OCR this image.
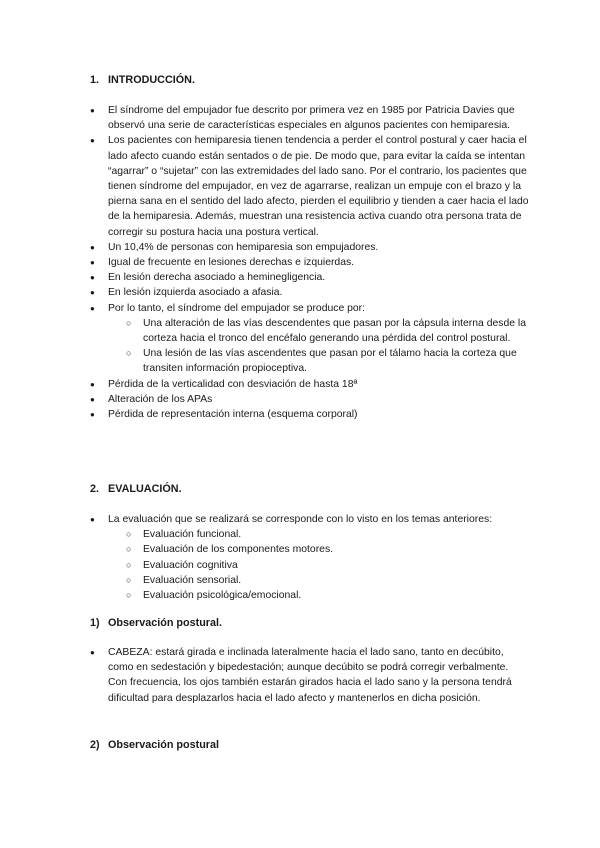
1. INTRODUCCIÓN.
● El síndrome del empujador fue descrito por primera vez en 1985 por Patricia Davies que observó una serie de características especiales en algunos pacientes con hemiparesia.
● Los pacientes con hemiparesia tienen tendencia a perder el control postural y caer hacia el lado afecto cuando están sentados o de pie. De modo que, para evitar la caída se intentan “agarrar” o “sujetar” con las extremidades del lado sano. Por el contrario, los pacientes que tienen síndrome del empujador, en vez de agarrarse, realizan un empuje con el brazo y la pierna sana en el sentido del lado afecto, pierden el equilibrio y tienden a caer hacia el lado de la hemiparesia. Además, muestran una resistencia activa cuando otra persona trata de corregir su postura hacia una postura vertical.
● Un 10,4% de personas con hemiparesia son empujadores.
● Igual de frecuente en lesiones derechas e izquierdas.
● En lesión derecha asociado a heminegligencia.
● En lesión izquierda asociado a afasia.
● Por lo tanto, el síndrome del empujador se produce por:
○ Una alteración de las vías descendentes que pasan por la cápsula interna desde la corteza hacia el tronco del encéfalo generando una pérdida del control postural.
○ Una lesión de las vías ascendentes que pasan por el tálamo hacia la corteza que transiten información propioceptiva.
● Pérdida de la verticalidad con desviación de hasta 18ª
● Alteración de los APAs
● Pérdida de representación interna (esquema corporal)
2. EVALUACIÓN.
● La evaluación que se realizará se corresponde con lo visto en los temas anteriores:
○ Evaluación funcional.
○ Evaluación de los componentes motores.
○ Evaluación cognitiva
○ Evaluación sensorial.
○ Evaluación psicológica/emocional.
1) Observación postural.
● CABEZA: estará girada e inclinada lateralmente hacia el lado sano, tanto en decúbito, como en sedestación y bipedestación; aunque decúbito se podrá corregir verbalmente. Con frecuencia, los ojos también estarán girados hacia el lado sano y la persona tendrá dificultad para desplazarlos hacia el lado afecto y mantenerlos en dicha posición.
2) Observación postural
